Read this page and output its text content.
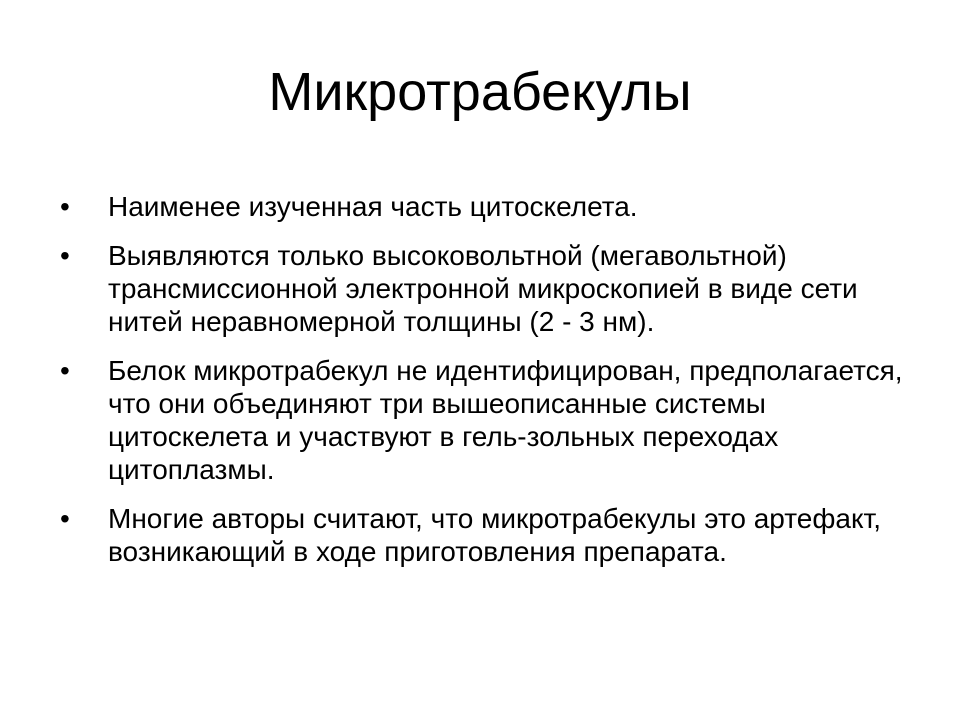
Микротрабекулы
•	Наименее изученная часть цитоскелета.
•	Выявляются только высоковольтной (мегавольтной) трансмиссионной электронной микроскопией в виде сети нитей неравномерной толщины (2 - 3 нм).
•	Белок микротрабекул не идентифицирован, предполагается, что они объединяют три вышеописанные системы цитоскелета и участвуют в гель-зольных переходах цитоплазмы.
•	Многие авторы считают, что микротрабекулы это артефакт, возникающий в ходе приготовления препарата.
